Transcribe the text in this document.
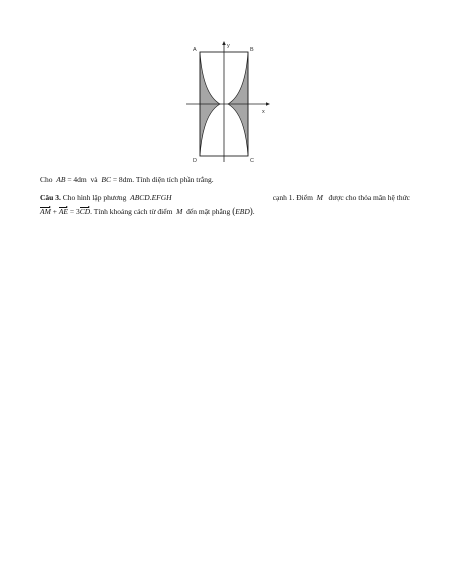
A	B
C
D
y
x
Cho AB = 4dm  và BC = 8dm. Tính diện tích phần trắng.
Câu 3. Cho hình lập phương  ABCD.EFGH	cạnh 1. Điểm  M   được cho thỏa mãn hệ thức
AM + AE = 3CD. Tính khoảng cách từ điểm  M  đến mặt phẳng (EBD).
